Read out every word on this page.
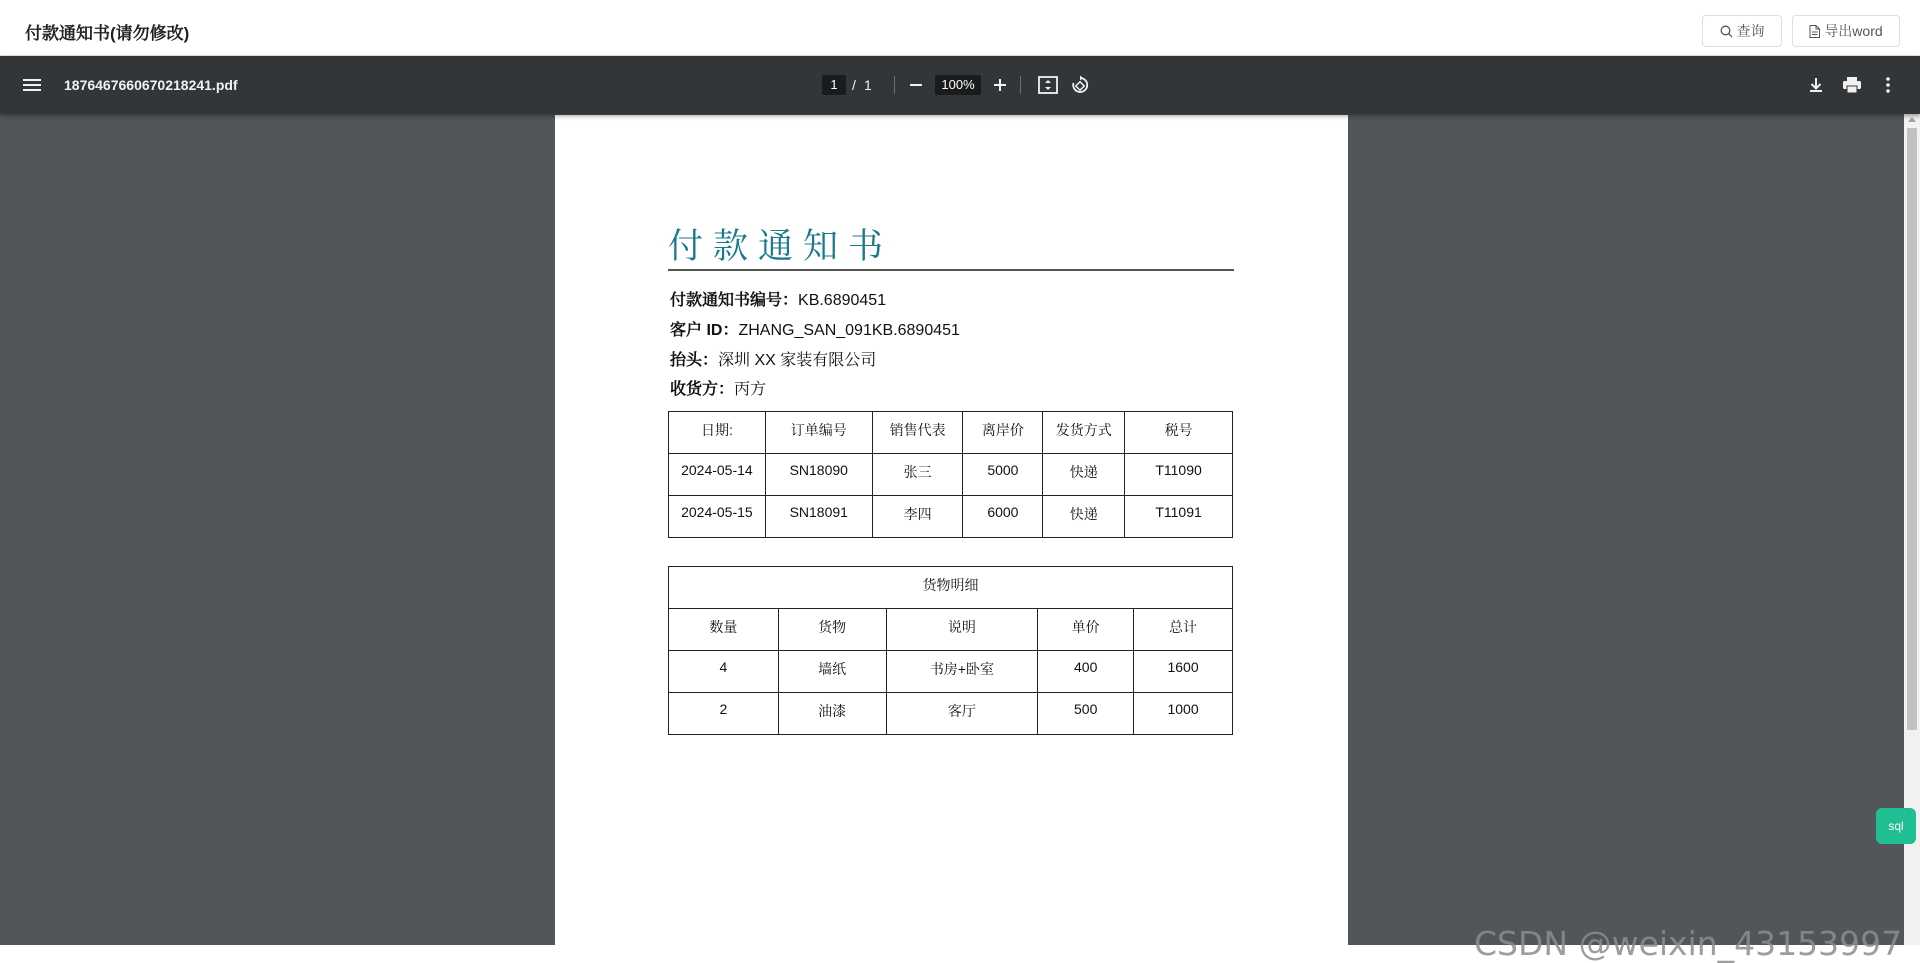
付款通知书(请勿修改)	查询	导出word
1876467660670218241.pdf	1	/ 1	100%
付款通知书
付款通知书编号：KB.6890451
客户 ID：ZHANG_SAN_091KB.6890451
抬头：深圳 XX 家装有限公司
收货方：丙方
日期:	订单编号	销售代表	离岸价	发货方式	税号
2024-05-14	SN18090	张三	5000	快递	T11090
2024-05-15	SN18091	李四	6000	快递	T11091
货物明细				
数量	货物	说明	单价	总计
4	墙纸	书房+卧室	400	1600
2	油漆	客厅	500	1000
sql
CSDN @weixin_43153997
